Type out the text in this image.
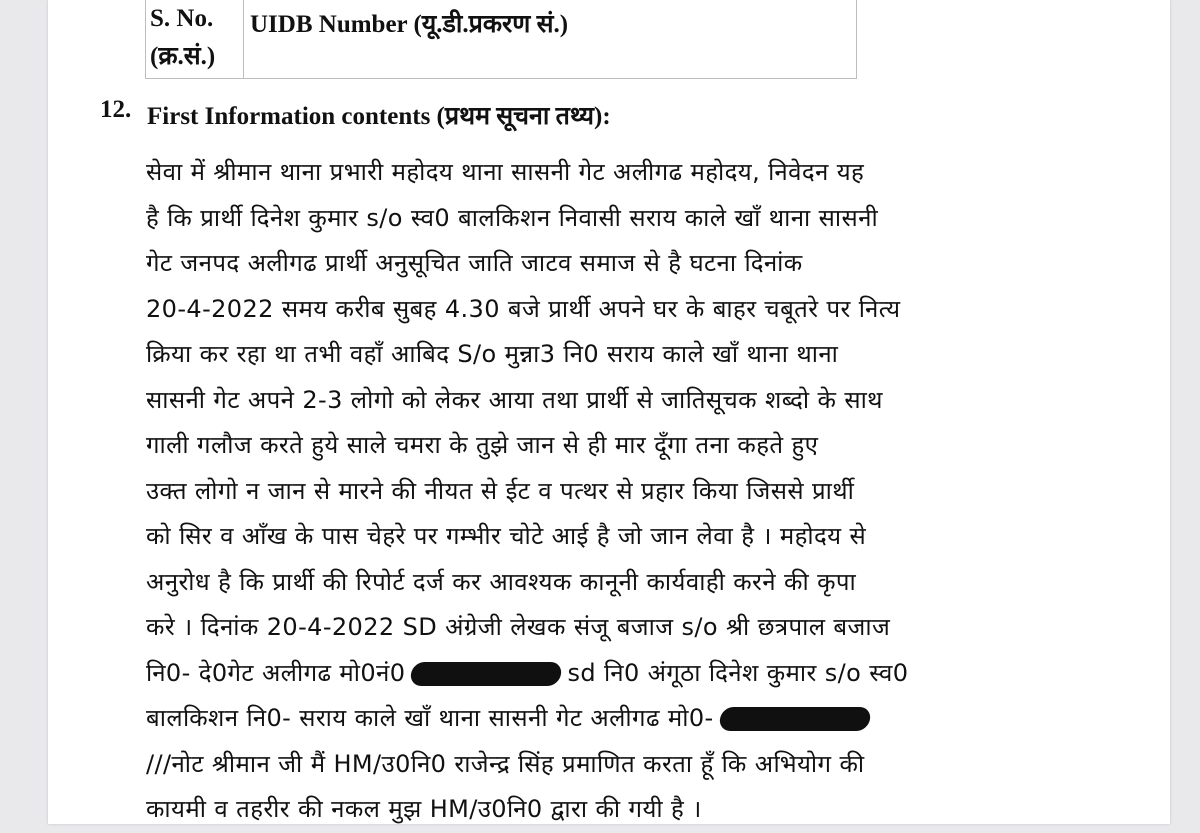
S. No.
(क्र.सं.)
UIDB Number (यू.डी.प्रकरण सं.)
12. First Information contents (प्रथम सूचना तथ्य):
सेवा में श्रीमान थाना प्रभारी महोदय थाना सासनी गेट अलीगढ महोदय, निवेदन यह
है कि प्रार्थी दिनेश कुमार s/o स्व0 बालकिशन निवासी सराय काले खाँ थाना सासनी
गेट जनपद अलीगढ प्रार्थी अनुसूचित जाति जाटव समाज से है घटना दिनांक
20-4-2022 समय करीब सुबह 4.30 बजे प्रार्थी अपने घर के बाहर चबूतरे पर नित्य
क्रिया कर रहा था तभी वहाँ आबिद S/o मुन्ना3 नि0 सराय काले खाँ थाना थाना
सासनी गेट अपने 2-3 लोगो को लेकर आया तथा प्रार्थी से जातिसूचक शब्दो के साथ
गाली गलौज करते हुये साले चमरा के तुझे जान से ही मार दूँगा तना कहते हुए
उक्त लोगो न जान से मारने की नीयत से ईट व पत्थर से प्रहार किया जिससे प्रार्थी
को सिर व आँख के पास चेहरे पर गम्भीर चोटे आई है जो जान लेवा है । महोदय से
अनुरोध है कि प्रार्थी की रिपोर्ट दर्ज कर आवश्यक कानूनी कार्यवाही करने की कृपा
करे । दिनांक 20-4-2022 SD अंग्रेजी लेखक संजू बजाज s/o श्री छत्रपाल बजाज
नि0- दे0गेट अलीगढ मो0नं0	sd नि0 अंगूठा दिनेश कुमार s/o स्व0
बालकिशन नि0- सराय काले खाँ थाना सासनी गेट अलीगढ मो0-
///नोट श्रीमान जी मैं HM/उ0नि0 राजेन्द्र सिंह प्रमाणित करता हूँ कि अभियोग की
कायमी व तहरीर की नकल मुझ HM/उ0नि0 द्वारा की गयी है ।
